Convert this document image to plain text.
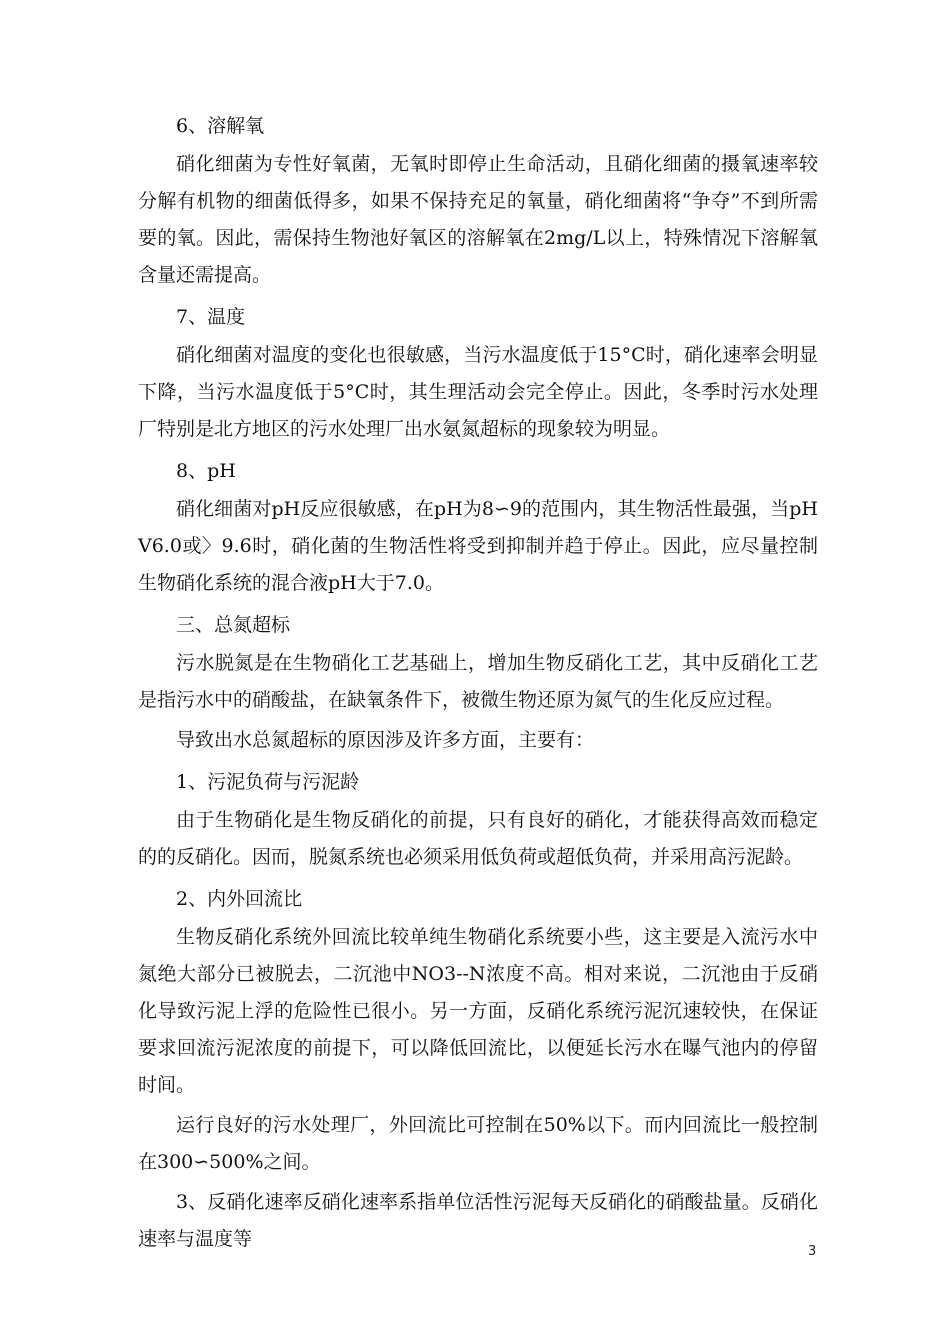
6、溶解氧

硝化细菌为专性好氧菌，无氧时即停止生命活动，且硝化细菌的摄氧速率较分解有机物的细菌低得多，如果不保持充足的氧量，硝化细菌将“争夺”不到所需要的氧。因此，需保持生物池好氧区的溶解氧在2mg/L以上，特殊情况下溶解氧含量还需提高。

7、温度

硝化细菌对温度的变化也很敏感，当污水温度低于15°C时，硝化速率会明显下降，当污水温度低于5°C时，其生理活动会完全停止。因此，冬季时污水处理厂特别是北方地区的污水处理厂出水氨氮超标的现象较为明显。

8、pH

硝化细菌对pH反应很敏感，在pH为8∽9的范围内，其生物活性最强，当pHV6.0或〉9.6时，硝化菌的生物活性将受到抑制并趋于停止。因此，应尽量控制生物硝化系统的混合液pH大于7.0。

三、总氮超标

污水脱氮是在生物硝化工艺基础上，增加生物反硝化工艺，其中反硝化工艺是指污水中的硝酸盐，在缺氧条件下，被微生物还原为氮气的生化反应过程。

导致出水总氮超标的原因涉及许多方面，主要有：

1、污泥负荷与污泥龄

由于生物硝化是生物反硝化的前提，只有良好的硝化，才能获得高效而稳定的的反硝化。因而，脱氮系统也必须采用低负荷或超低负荷，并采用高污泥龄。

2、内外回流比

生物反硝化系统外回流比较单纯生物硝化系统要小些，这主要是入流污水中氮绝大部分已被脱去，二沉池中NO3--N浓度不高。相对来说，二沉池由于反硝化导致污泥上浮的危险性已很小。另一方面，反硝化系统污泥沉速较快，在保证要求回流污泥浓度的前提下，可以降低回流比，以便延长污水在曝气池内的停留时间。

运行良好的污水处理厂，外回流比可控制在50%以下。而内回流比一般控制在300∽500%之间。

3、反硝化速率反硝化速率系指单位活性污泥每天反硝化的硝酸盐量。反硝化速率与温度等

3
